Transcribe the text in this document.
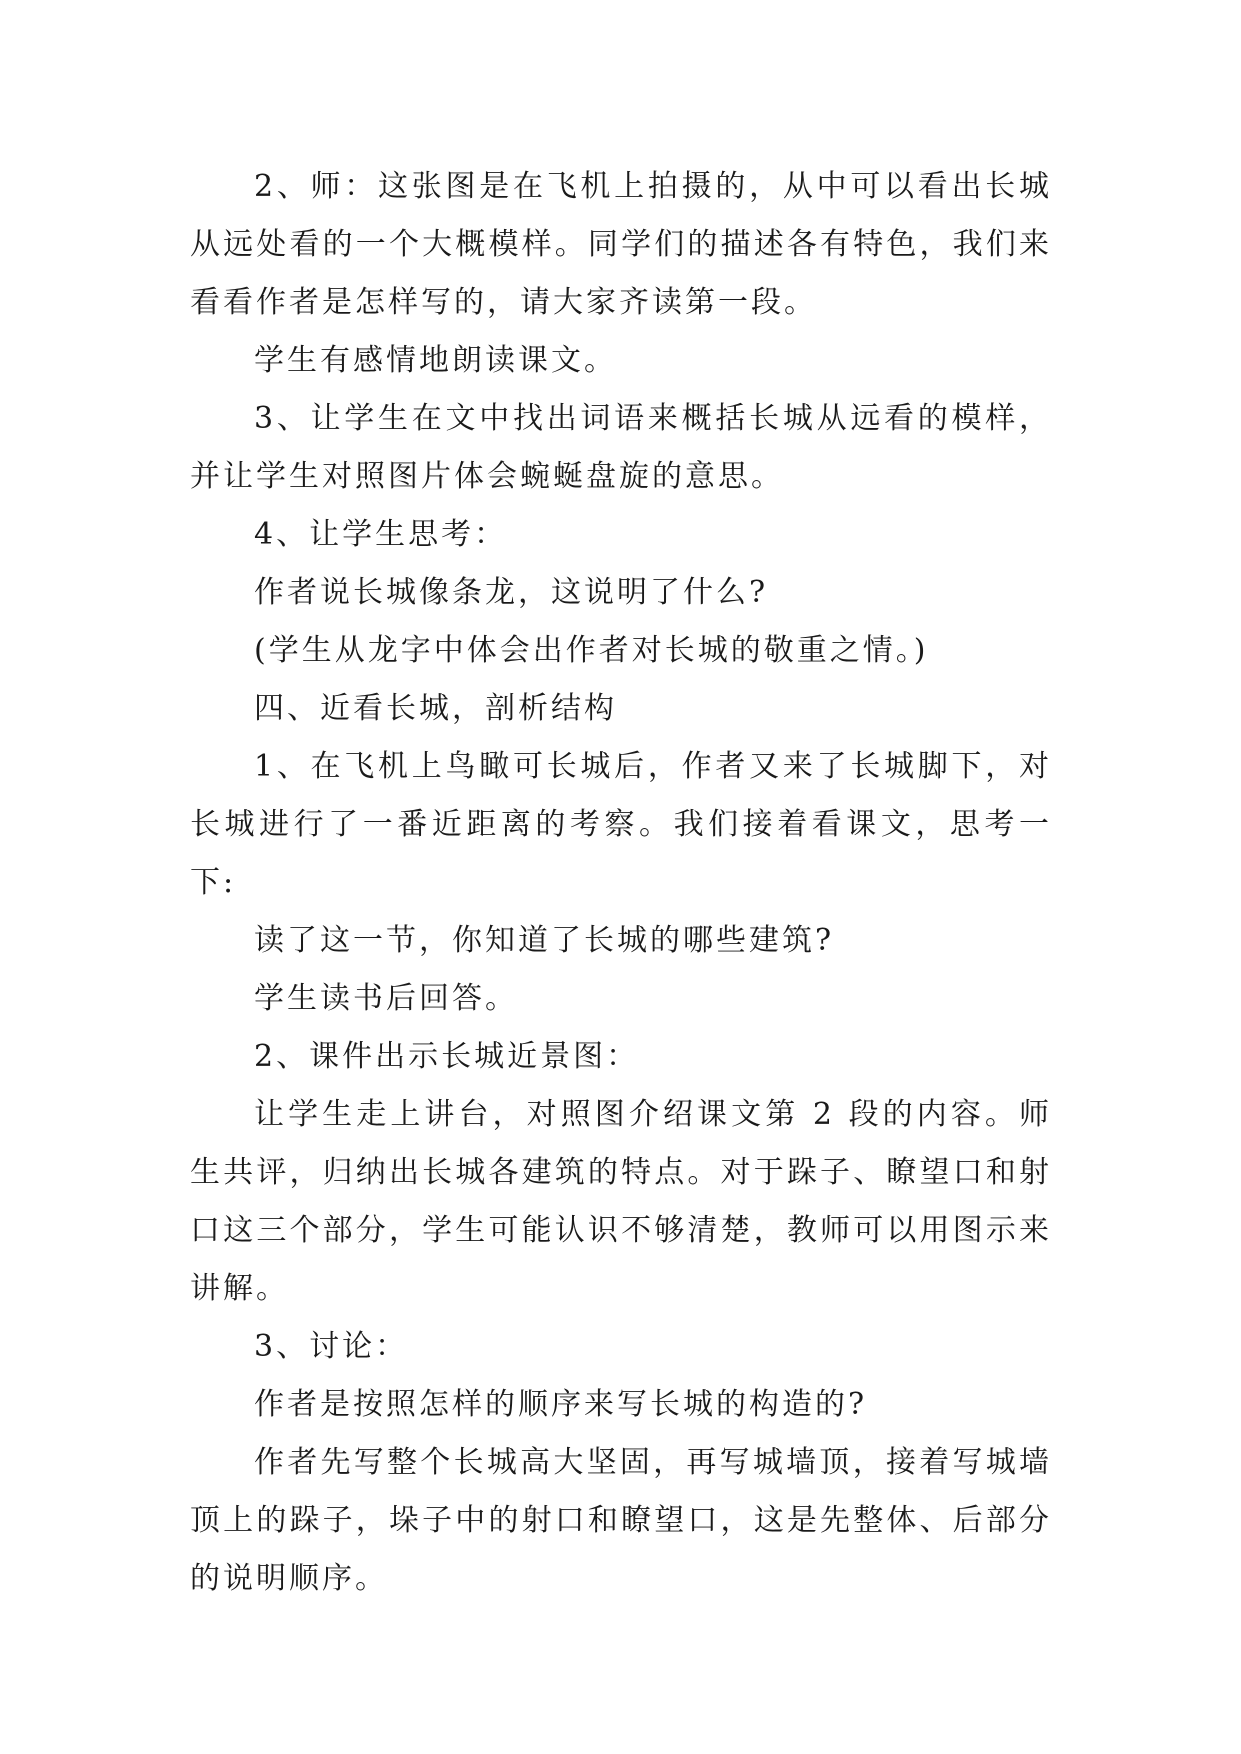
2、师：这张图是在飞机上拍摄的，从中可以看出长城从远处看的一个大概模样。同学们的描述各有特色，我们来看看作者是怎样写的，请大家齐读第一段。

学生有感情地朗读课文。

3、让学生在文中找出词语来概括长城从远看的模样，并让学生对照图片体会蜿蜒盘旋的意思。

4、让学生思考：

作者说长城像条龙，这说明了什么?

(学生从龙字中体会出作者对长城的敬重之情。)

四、近看长城，剖析结构

1、在飞机上鸟瞰可长城后，作者又来了长城脚下，对长城进行了一番近距离的考察。我们接着看课文，思考一下:

读了这一节，你知道了长城的哪些建筑?

学生读书后回答。

2、课件出示长城近景图：

让学生走上讲台，对照图介绍课文第 2 段的内容。师生共评，归纳出长城各建筑的特点。对于跺子、瞭望口和射口这三个部分，学生可能认识不够清楚，教师可以用图示来讲解。

3、讨论：

作者是按照怎样的顺序来写长城的构造的?

作者先写整个长城高大坚固，再写城墙顶，接着写城墙顶上的跺子，垛子中的射口和瞭望口，这是先整体、后部分的说明顺序。
